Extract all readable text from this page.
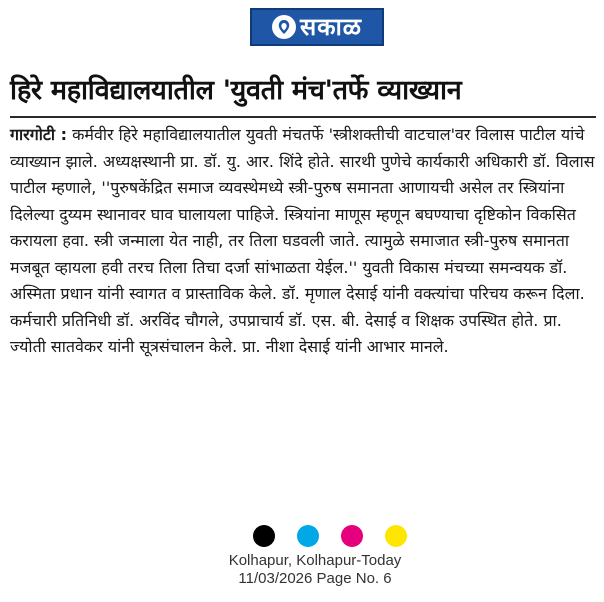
सकाळ
हिरे महाविद्यालयातील 'युवती मंच'तर्फे व्याख्यान

गारगोटी : कर्मवीर हिरे महाविद्यालयातील युवती मंचतर्फे 'स्त्रीशक्तीची वाटचाल'वर विलास पाटील यांचे व्याख्यान झाले. अध्यक्षस्थानी प्रा. डॉ. यु. आर. शिंदे होते. सारथी पुणेचे कार्यकारी अधिकारी डॉ. विलास पाटील म्हणाले, ''पुरुषकेंद्रित समाज व्यवस्थेमध्ये स्त्री-पुरुष समानता आणायची असेल तर स्त्रियांना दिलेल्या दुय्यम स्थानावर घाव घालायला पाहिजे. स्त्रियांना माणूस म्हणून बघण्याचा दृष्टिकोन विकसित करायला हवा. स्त्री जन्माला येत नाही, तर तिला घडवली जाते. त्यामुळे समाजात स्त्री-पुरुष समानता मजबूत व्हायला हवी तरच तिला तिचा दर्जा सांभाळता येईल.'' युवती विकास मंचच्या समन्वयक डॉ. अस्मिता प्रधान यांनी स्वागत व प्रास्ताविक केले. डॉ. मृणाल देसाई यांनी वक्त्यांचा परिचय करून दिला. कर्मचारी प्रतिनिधी डॉ. अरविंद चौगले, उपप्राचार्य डॉ. एस. बी. देसाई व शिक्षक उपस्थित होते. प्रा. ज्योती सातवेकर यांनी सूत्रसंचालन केले. प्रा. नीशा देसाई यांनी आभार मानले.

Kolhapur, Kolhapur-Today
11/03/2026 Page No. 6
